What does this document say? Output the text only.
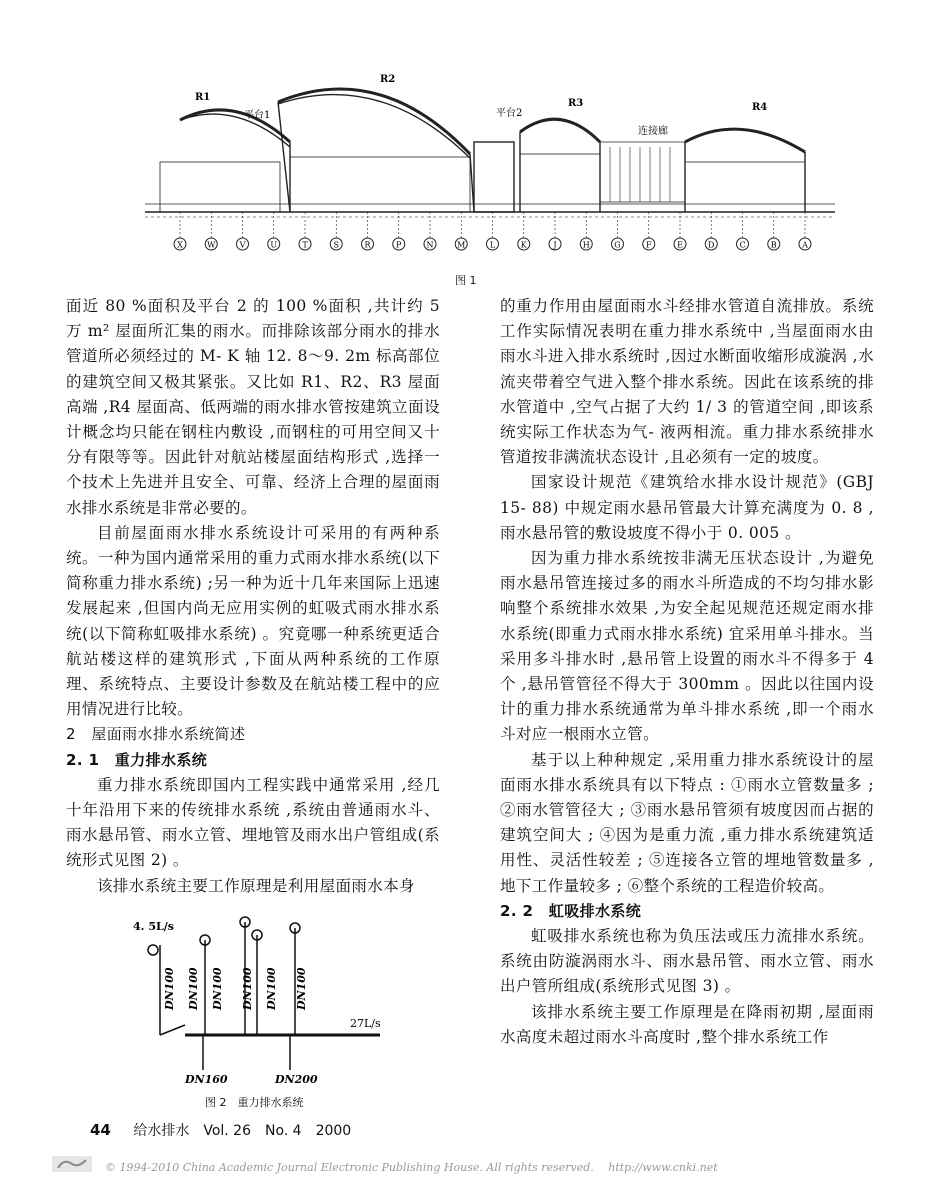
R1
R2
R3	R4
平台1	平台2
连接廊
X	W	V	U	T	S	R	P	N	M	L	K	J	H	G	F	E	D	C	B	A
图 1

面近 80 %面积及平台 2 的 100 %面积 ,共计约 5 万 m² 屋面所汇集的雨水。而排除该部分雨水的排水管道所必须经过的 M- K 轴 12. 8～9. 2m 标高部位的建筑空间又极其紧张。又比如 R1、R2、R3 屋面高端 ,R4 屋面高、低两端的雨水排水管按建筑立面设计概念均只能在钢柱内敷设 ,而钢柱的可用空间又十分有限等等。因此针对航站楼屋面结构形式 ,选择一个技术上先进并且安全、可靠、经济上合理的屋面雨水排水系统是非常必要的。

目前屋面雨水排水系统设计可采用的有两种系统。一种为国内通常采用的重力式雨水排水系统(以下简称重力排水系统) ;另一种为近十几年来国际上迅速发展起来 ,但国内尚无应用实例的虹吸式雨水排水系统(以下简称虹吸排水系统) 。究竟哪一种系统更适合航站楼这样的建筑形式 ,下面从两种系统的工作原理、系统特点、主要设计参数及在航站楼工程中的应用情况进行比较。

2　屋面雨水排水系统简述

2. 1　重力排水系统

重力排水系统即国内工程实践中通常采用 ,经几十年沿用下来的传统排水系统 ,系统由普通雨水斗、雨水悬吊管、雨水立管、埋地管及雨水出户管组成(系统形式见图 2) 。

该排水系统主要工作原理是利用屋面雨水本身

4. 5L/s
27L/s
DN100 DN100 DN100 DN100 DN100 DN100
DN160	DN200
图 2　重力排水系统

的重力作用由屋面雨水斗经排水管道自流排放。系统工作实际情况表明在重力排水系统中 ,当屋面雨水由雨水斗进入排水系统时 ,因过水断面收缩形成漩涡 ,水流夹带着空气进入整个排水系统。因此在该系统的排水管道中 ,空气占据了大约 1/ 3 的管道空间 ,即该系统实际工作状态为气- 液两相流。重力排水系统排水管道按非满流状态设计 ,且必须有一定的坡度。

国家设计规范《建筑给水排水设计规范》(GBJ 15- 88) 中规定雨水悬吊管最大计算充满度为 0. 8 ,雨水悬吊管的敷设坡度不得小于 0. 005 。

因为重力排水系统按非满无压状态设计 ,为避免雨水悬吊管连接过多的雨水斗所造成的不均匀排水影响整个系统排水效果 ,为安全起见规范还规定雨水排水系统(即重力式雨水排水系统) 宜采用单斗排水。当采用多斗排水时 ,悬吊管上设置的雨水斗不得多于 4 个 ,悬吊管管径不得大于 300mm 。因此以往国内设计的重力排水系统通常为单斗排水系统 ,即一个雨水斗对应一根雨水立管。

基于以上种种规定 ,采用重力排水系统设计的屋面雨水排水系统具有以下特点 : ①雨水立管数量多 ; ②雨水管管径大 ; ③雨水悬吊管须有坡度因而占据的建筑空间大 ; ④因为是重力流 ,重力排水系统建筑适用性、灵活性较差 ; ⑤连接各立管的埋地管数量多 ,地下工作量较多 ; ⑥整个系统的工程造价较高。

2. 2　虹吸排水系统

虹吸排水系统也称为负压法或压力流排水系统。系统由防漩涡雨水斗、雨水悬吊管、雨水立管、雨水出户管所组成(系统形式见图 3) 。

该排水系统主要工作原理是在降雨初期 ,屋面雨水高度未超过雨水斗高度时 ,整个排水系统工作

44 给水排水　Vol. 26　No. 4　2000
© 1994-2010 China Academic Journal Electronic Publishing House. All rights reserved.　 http://www.cnki.net
